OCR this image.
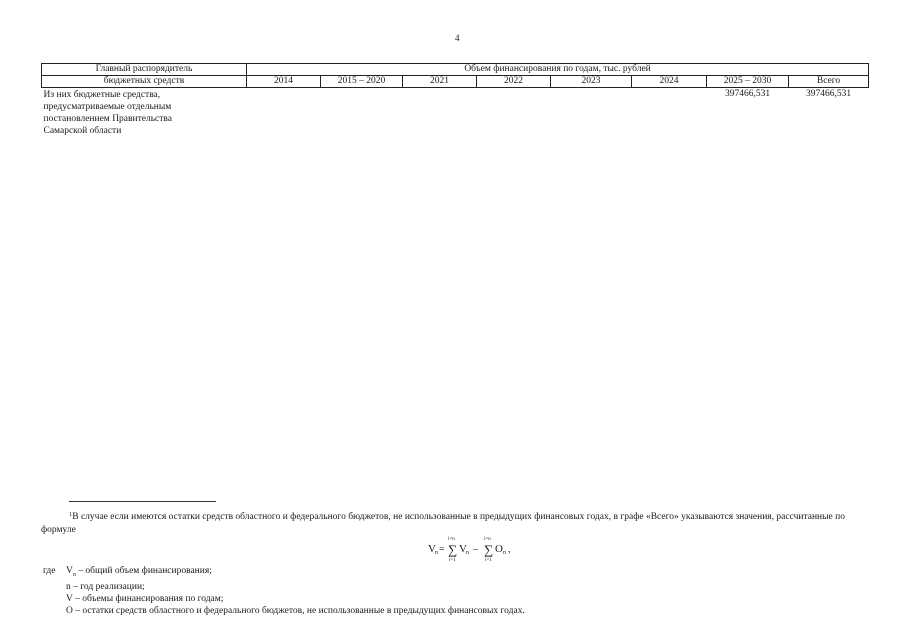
4
Главный распорядитель	Объем финансирования по годам, тыс. рублей							
бюджетных средств	2014	2015 – 2020	2021	2022	2023	2024	2025 – 2030	Всего

Из них бюджетные средства,
предусматриваемые отдельным
постановлением Правительства
Самарской области							397466,531	397466,531
$^1$В случае если имеются остатки средств областного и федерального бюджетов, не использованные в предыдущих финансовых годах, в графе «Всего» указываются значения, рассчитанные по формуле
V n =
i=n
∑
i=1
V n –
i=n
∑
i=1
O n ,
где $V_n$ – общий объем финансирования;
n – год реализации;
V – объемы финансирования по годам;
O – остатки средств областного и федерального бюджетов, не использованные в предыдущих финансовых годах.
